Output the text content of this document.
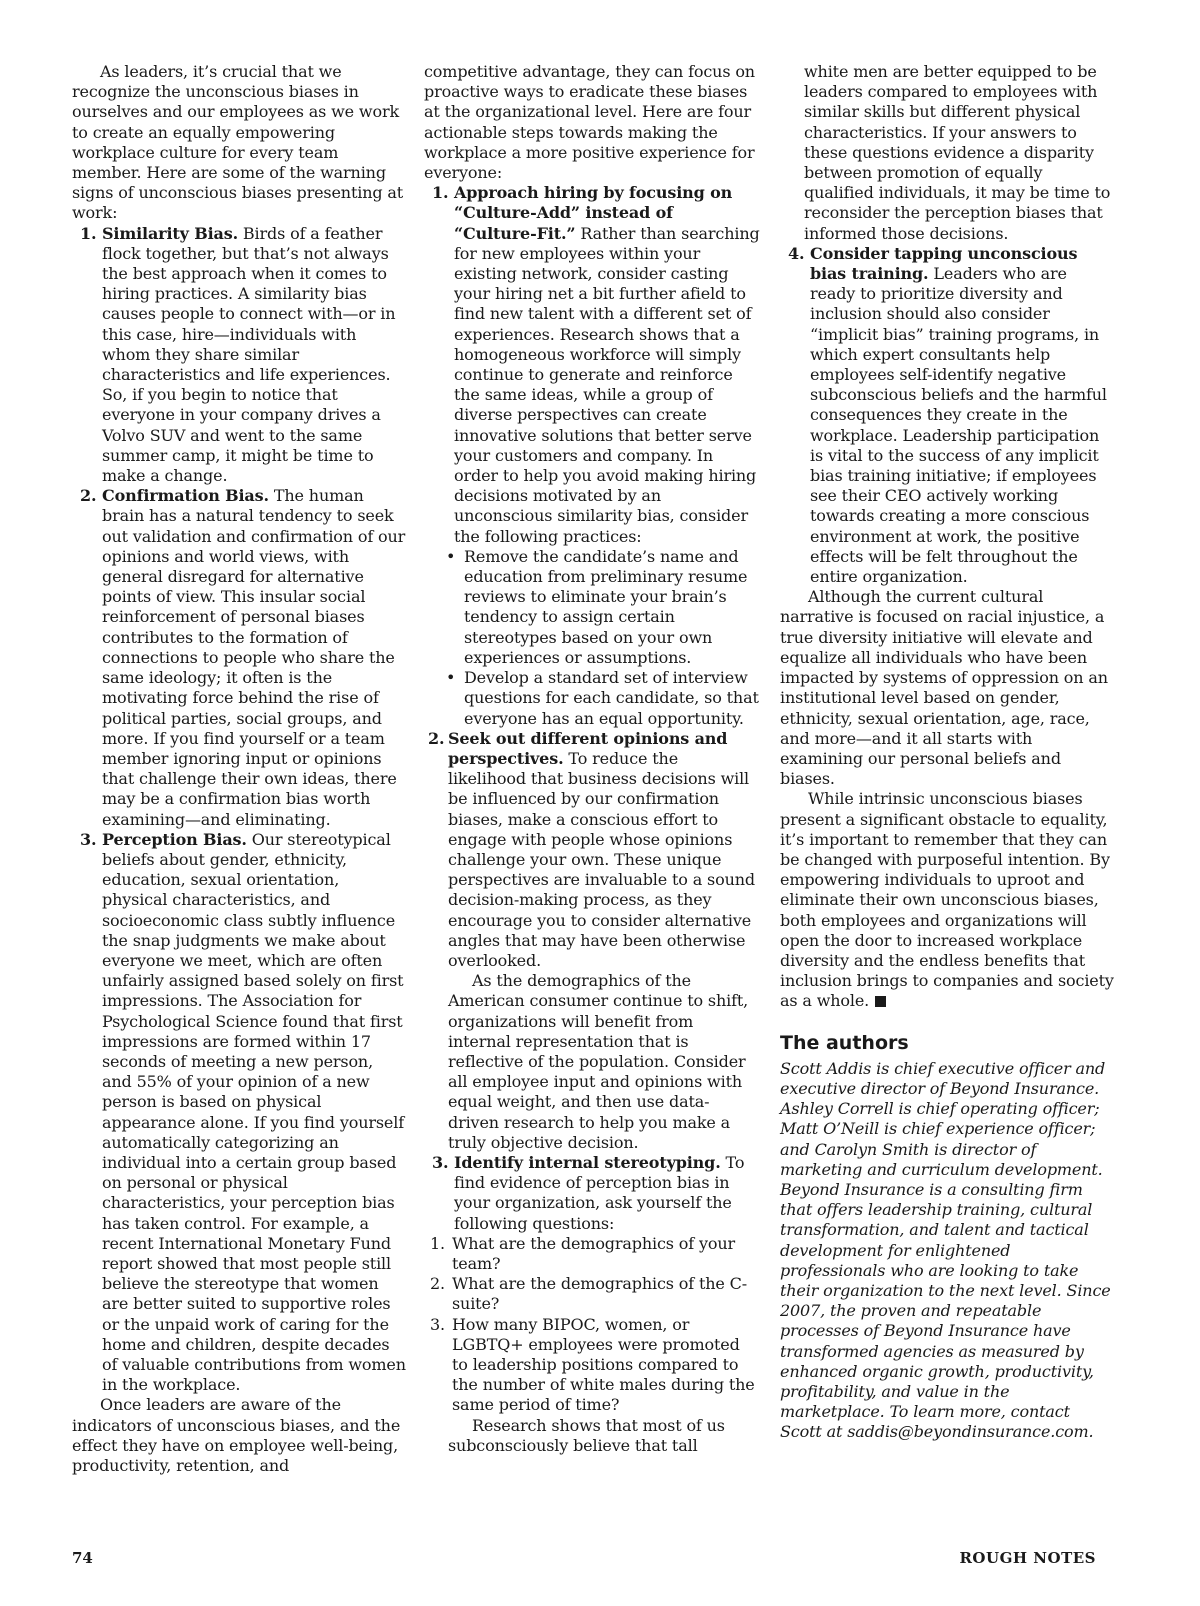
As leaders, it’s crucial that we recognize the unconscious biases in ourselves and our employees as we work to create an equally empowering workplace culture for every team member. Here are some of the warning signs of unconscious biases presenting at work:

1. Similarity Bias. Birds of a feather flock together, but that’s not always the best approach when it comes to hiring practices. A similarity bias causes people to connect with—or in this case, hire—individuals with whom they share similar characteristics and life experiences. So, if you begin to notice that everyone in your company drives a Volvo SUV and went to the same summer camp, it might be time to make a change.
2. Confirmation Bias. The human brain has a natural tendency to seek out validation and confirmation of our opinions and world views, with general disregard for alternative points of view. This insular social reinforcement of personal biases contributes to the formation of connections to people who share the same ideology; it often is the motivating force behind the rise of political parties, social groups, and more. If you find yourself or a team member ignoring input or opinions that challenge their own ideas, there may be a confirmation bias worth examining—and eliminating.
3. Perception Bias. Our stereotypical beliefs about gender, ethnicity, education, sexual orientation, physical characteristics, and socioeconomic class subtly influence the snap judgments we make about everyone we meet, which are often unfairly assigned based solely on first impressions. The Association for Psychological Science found that first impressions are formed within 17 seconds of meeting a new person, and 55% of your opinion of a new person is based on physical appearance alone. If you find yourself automatically categorizing an individual into a certain group based on personal or physical characteristics, your perception bias has taken control. For example, a recent International Monetary Fund report showed that most people still believe the stereotype that women are better suited to supportive roles or the unpaid work of caring for the home and children, despite decades of valuable contributions from women in the workplace.

Once leaders are aware of the indicators of unconscious biases, and the effect they have on employee well-being, productivity, retention, and

competitive advantage, they can focus on proactive ways to eradicate these biases at the organizational level. Here are four actionable steps towards making the workplace a more positive experience for everyone:

1. Approach hiring by focusing on “Culture-Add” instead of “Culture-Fit.” Rather than searching for new employees within your existing network, consider casting your hiring net a bit further afield to find new talent with a different set of experiences. Research shows that a homogeneous workforce will simply continue to generate and reinforce the same ideas, while a group of diverse perspectives can create innovative solutions that better serve your customers and company. In order to help you avoid making hiring decisions motivated by an unconscious similarity bias, consider the following practices:
• Remove the candidate’s name and education from preliminary resume reviews to eliminate your brain’s tendency to assign certain stereotypes based on your own experiences or assumptions.
• Develop a standard set of interview questions for each candidate, so that everyone has an equal opportunity.
2. Seek out different opinions and perspectives. To reduce the likelihood that business decisions will be influenced by our confirmation biases, make a conscious effort to engage with people whose opinions challenge your own. These unique perspectives are invaluable to a sound decision-making process, as they encourage you to consider alternative angles that may have been otherwise overlooked.

As the demographics of the American consumer continue to shift, organizations will benefit from internal representation that is reflective of the population. Consider all employee input and opinions with equal weight, and then use data-driven research to help you make a truly objective decision.

3. Identify internal stereotyping. To find evidence of perception bias in your organization, ask yourself the following questions:
1. What are the demographics of your team?
2. What are the demographics of the C-suite?
3. How many BIPOC, women, or LGBTQ+ employees were promoted to leadership positions compared to the number of white males during the same period of time?

Research shows that most of us subconsciously believe that tall

white men are better equipped to be leaders compared to employees with similar skills but different physical characteristics. If your answers to these questions evidence a disparity between promotion of equally qualified individuals, it may be time to reconsider the perception biases that informed those decisions.

4. Consider tapping unconscious bias training. Leaders who are ready to prioritize diversity and inclusion should also consider “implicit bias” training programs, in which expert consultants help employees self-identify negative subconscious beliefs and the harmful consequences they create in the workplace. Leadership participation is vital to the success of any implicit bias training initiative; if employees see their CEO actively working towards creating a more conscious environment at work, the positive effects will be felt throughout the entire organization.

Although the current cultural narrative is focused on racial injustice, a true diversity initiative will elevate and equalize all individuals who have been impacted by systems of oppression on an institutional level based on gender, ethnicity, sexual orientation, age, race, and more—and it all starts with examining our personal beliefs and biases.

While intrinsic unconscious biases present a significant obstacle to equality, it’s important to remember that they can be changed with purposeful intention. By empowering individuals to uproot and eliminate their own unconscious biases, both employees and organizations will open the door to increased workplace diversity and the endless benefits that inclusion brings to companies and society as a whole.

The authors

Scott Addis is chief executive officer and executive director of Beyond Insurance. Ashley Correll is chief operating officer; Matt O’Neill is chief experience officer; and Carolyn Smith is director of marketing and curriculum development. Beyond Insurance is a consulting firm that offers leadership training, cultural transformation, and talent and tactical development for enlightened professionals who are looking to take their organization to the next level. Since 2007, the proven and repeatable processes of Beyond Insurance have transformed agencies as measured by enhanced organic growth, productivity, profitability, and value in the marketplace. To learn more, contact Scott at saddis@beyondinsurance.com.

74	ROUGH NOTES
